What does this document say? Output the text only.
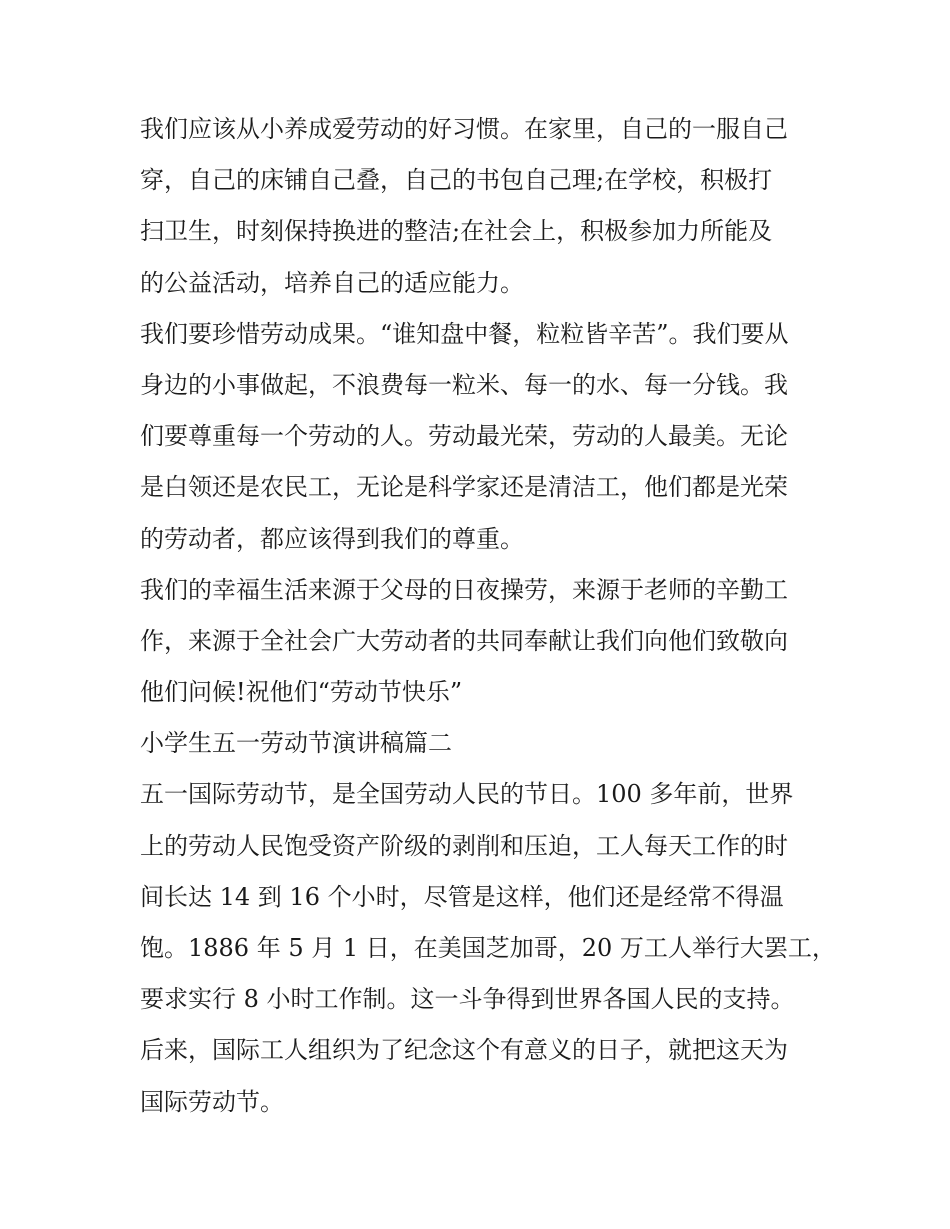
我们应该从小养成爱劳动的好习惯。在家里，自己的一服自己
穿，自己的床铺自己叠，自己的书包自己理;在学校，积极打
扫卫生，时刻保持换进的整洁;在社会上，积极参加力所能及
的公益活动，培养自己的适应能力。
我们要珍惜劳动成果。“谁知盘中餐，粒粒皆辛苦”。我们要从
身边的小事做起，不浪费每一粒米、每一的水、每一分钱。我
们要尊重每一个劳动的人。劳动最光荣，劳动的人最美。无论
是白领还是农民工，无论是科学家还是清洁工，他们都是光荣
的劳动者，都应该得到我们的尊重。
我们的幸福生活来源于父母的日夜操劳，来源于老师的辛勤工
作，来源于全社会广大劳动者的共同奉献让我们向他们致敬向
他们问候!祝他们“劳动节快乐”
小学生五一劳动节演讲稿篇二
五一国际劳动节，是全国劳动人民的节日。100 多年前，世界
上的劳动人民饱受资产阶级的剥削和压迫，工人每天工作的时
间长达 14 到 16 个小时，尽管是这样，他们还是经常不得温
饱。1886 年 5 月 1 日，在美国芝加哥，20 万工人举行大罢工，
要求实行 8 小时工作制。这一斗争得到世界各国人民的支持。
后来，国际工人组织为了纪念这个有意义的日子，就把这天为
国际劳动节。
